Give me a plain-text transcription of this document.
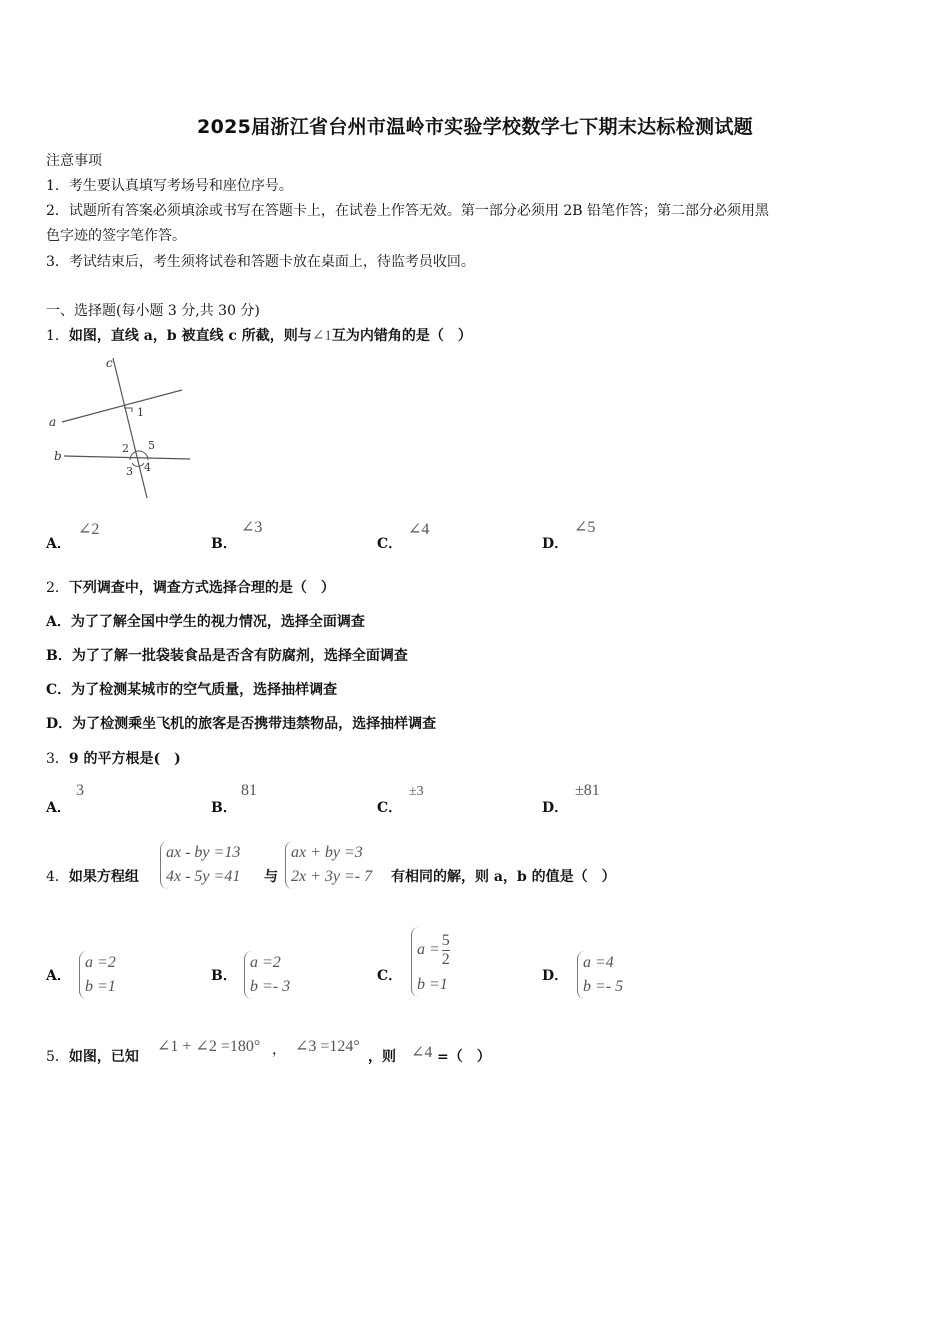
2025届浙江省台州市温岭市实验学校数学七下期末达标检测试题
注意事项
1．考生要认真填写考场号和座位序号。
2．试题所有答案必须填涂或书写在答题卡上，在试卷上作答无效。第一部分必须用 2B 铅笔作答；第二部分必须用黑
色字迹的签字笔作答。
3．考试结束后，考生须将试卷和答题卡放在桌面上，待监考员收回。
一、选择题(每小题 3 分,共 30 分)
1．如图，直线 a，b 被直线 c 所截，则与∠1互为内错角的是（　）
c
a
b
1
2 5
3 4
A．
∠2
B．
∠3
C．
∠4
D．
∠5
2．下列调查中，调查方式选择合理的是（　）
A．为了了解全国中学生的视力情况，选择全面调查
B．为了了解一批袋装食品是否含有防腐剂，选择全面调查
C．为了检测某城市的空气质量，选择抽样调查
D．为了检测乘坐飞机的旅客是否携带违禁物品，选择抽样调查
3．9 的平方根是(　)
A．
3
B．
81
C．
±3
D．
±81
4．如果方程组
ax - by =13
4x - 5y =41 与
ax + by =3
2x + 3y =- 7 有相同的解，则 a，b 的值是（　）
A．
a =2
b =1
B．
a =2
b =- 3
C．
$a = \frac{5}{2}$
b =1	D．
a =4
b =- 5
5．如图，已知
∠1 + ∠2 =180° ， ∠3 =124°
，则 ∠4 =（　）
